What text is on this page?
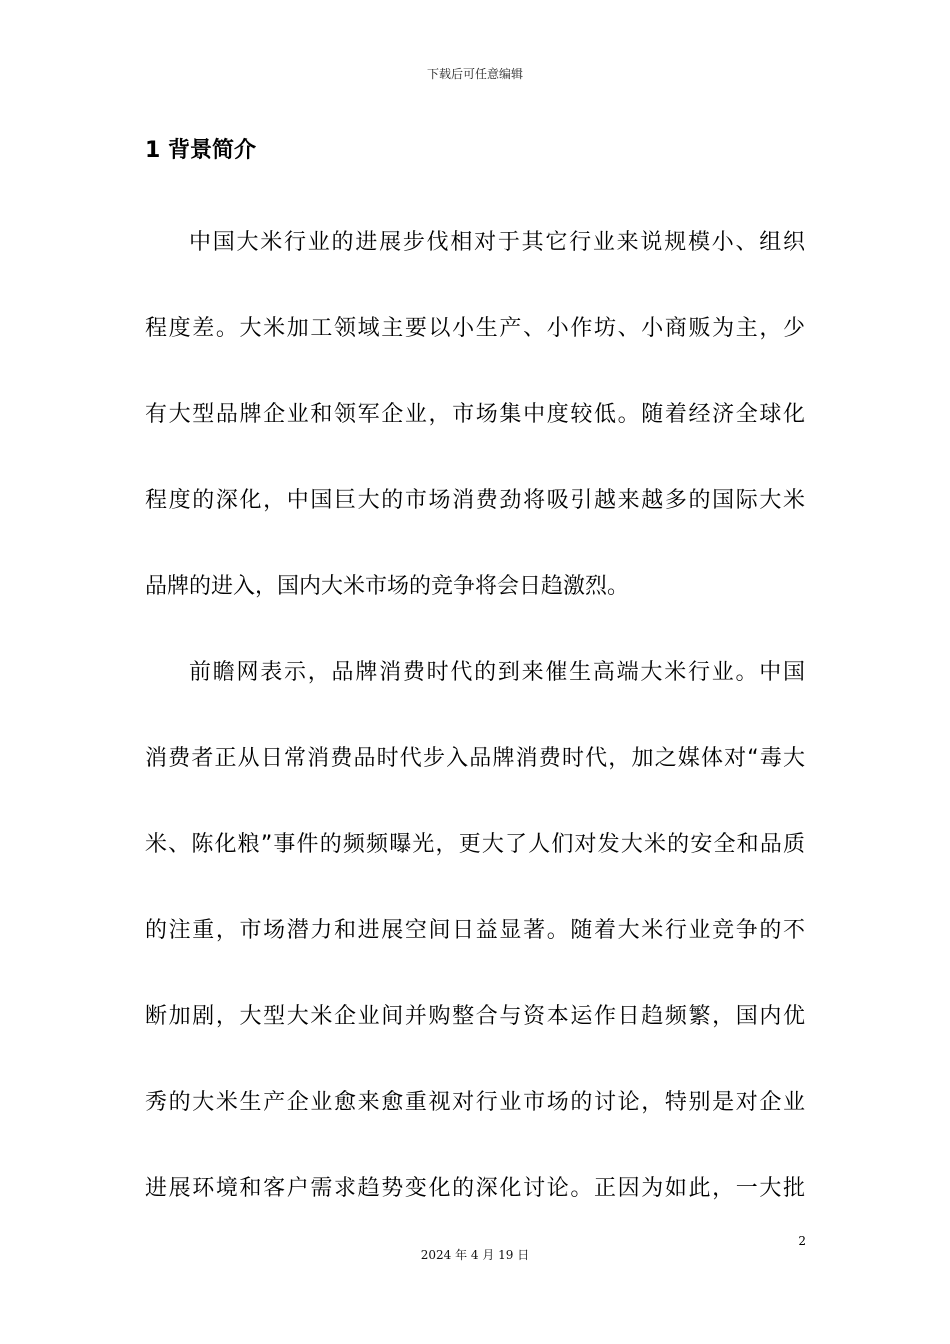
下载后可任意编辑
1 背景简介
中国大米行业的进展步伐相对于其它行业来说规模小、组织
程度差。大米加工领域主要以小生产、小作坊、小商贩为主，少
有大型品牌企业和领军企业，市场集中度较低。随着经济全球化
程度的深化，中国巨大的市场消费劲将吸引越来越多的国际大米
品牌的进入，国内大米市场的竞争将会日趋激烈。
前瞻网表示，品牌消费时代的到来催生高端大米行业。中国
消费者正从日常消费品时代步入品牌消费时代，加之媒体对“毒大
米、陈化粮”事件的频频曝光，更大了人们对发大米的安全和品质
的注重，市场潜力和进展空间日益显著。随着大米行业竞争的不
断加剧，大型大米企业间并购整合与资本运作日趋频繁，国内优
秀的大米生产企业愈来愈重视对行业市场的讨论，特别是对企业
进展环境和客户需求趋势变化的深化讨论。正因为如此，一大批
2
2024 年 4 月 19 日
